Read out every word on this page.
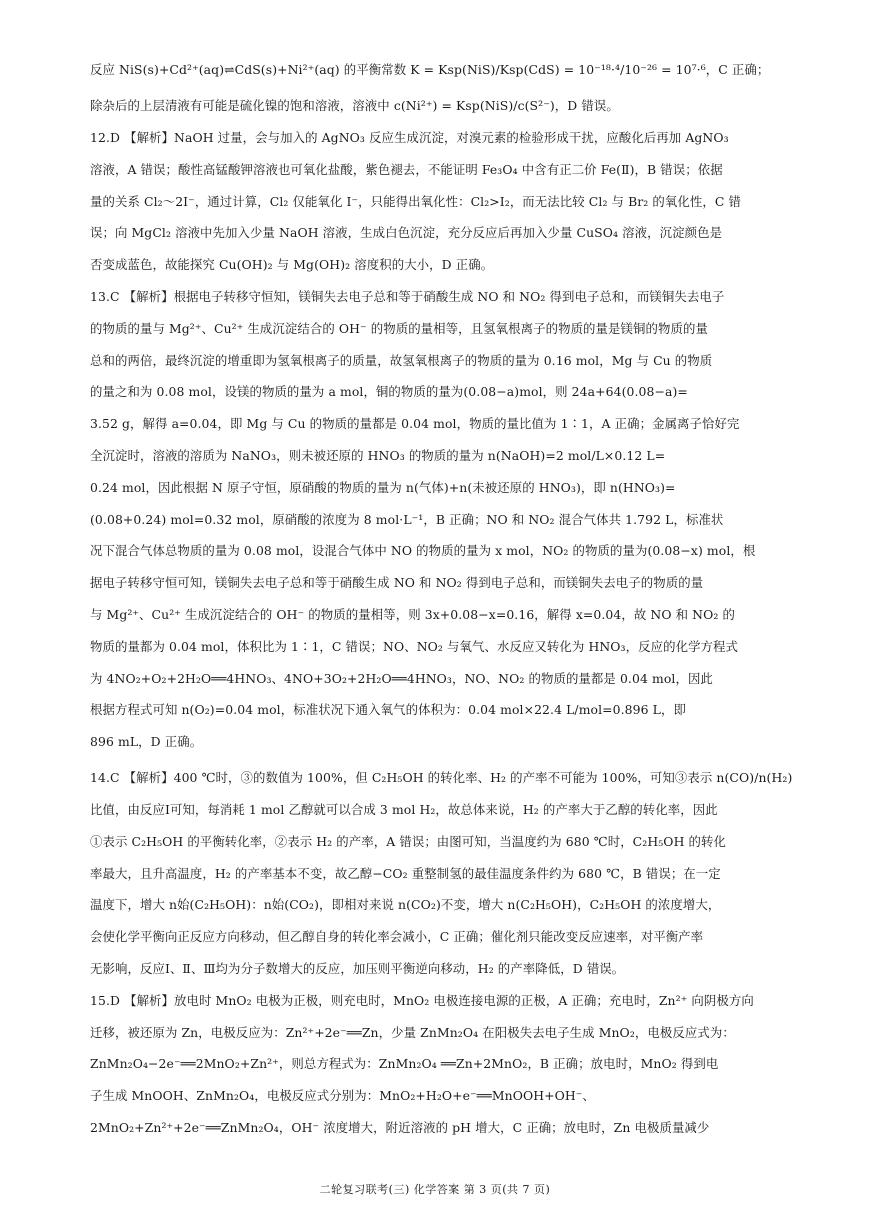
反应 NiS(s)+Cd²⁺(aq)⇌CdS(s)+Ni²⁺(aq) 的平衡常数 K = Ksp(NiS)/Ksp(CdS) = 10⁻¹⁸·⁴/10⁻²⁶ = 10⁷·⁶，C 正确；
除杂后的上层清液有可能是硫化镍的饱和溶液，溶液中 c(Ni²⁺) = Ksp(NiS)/c(S²⁻)，D 错误。
12.D 【解析】NaOH 过量，会与加入的 AgNO₃ 反应生成沉淀，对溴元素的检验形成干扰，应酸化后再加 AgNO₃
溶液，A 错误；酸性高锰酸钾溶液也可氧化盐酸，紫色褪去，不能证明 Fe₃O₄ 中含有正二价 Fe(Ⅱ)，B 错误；依据
量的关系 Cl₂～2I⁻，通过计算，Cl₂ 仅能氧化 I⁻，只能得出氧化性：Cl₂>I₂，而无法比较 Cl₂ 与 Br₂ 的氧化性，C 错
误；向 MgCl₂ 溶液中先加入少量 NaOH 溶液，生成白色沉淀，充分反应后再加入少量 CuSO₄ 溶液，沉淀颜色是
否变成蓝色，故能探究 Cu(OH)₂ 与 Mg(OH)₂ 溶度积的大小，D 正确。
13.C 【解析】根据电子转移守恒知，镁铜失去电子总和等于硝酸生成 NO 和 NO₂ 得到电子总和，而镁铜失去电子
的物质的量与 Mg²⁺、Cu²⁺ 生成沉淀结合的 OH⁻ 的物质的量相等，且氢氧根离子的物质的量是镁铜的物质的量
总和的两倍，最终沉淀的增重即为氢氧根离子的质量，故氢氧根离子的物质的量为 0.16 mol，Mg 与 Cu 的物质
的量之和为 0.08 mol，设镁的物质的量为 a mol，铜的物质的量为(0.08−a)mol，则 24a+64(0.08−a)=
3.52 g，解得 a=0.04，即 Mg 与 Cu 的物质的量都是 0.04 mol，物质的量比值为 1∶1，A 正确；金属离子恰好完
全沉淀时，溶液的溶质为 NaNO₃，则未被还原的 HNO₃ 的物质的量为 n(NaOH)=2 mol/L×0.12 L=
0.24 mol，因此根据 N 原子守恒，原硝酸的物质的量为 n(气体)+n(未被还原的 HNO₃)，即 n(HNO₃)=
(0.08+0.24) mol=0.32 mol，原硝酸的浓度为 8 mol·L⁻¹，B 正确；NO 和 NO₂ 混合气体共 1.792 L，标准状
况下混合气体总物质的量为 0.08 mol，设混合气体中 NO 的物质的量为 x mol，NO₂ 的物质的量为(0.08−x) mol，根
据电子转移守恒可知，镁铜失去电子总和等于硝酸生成 NO 和 NO₂ 得到电子总和，而镁铜失去电子的物质的量
与 Mg²⁺、Cu²⁺ 生成沉淀结合的 OH⁻ 的物质的量相等，则 3x+0.08−x=0.16，解得 x=0.04，故 NO 和 NO₂ 的
物质的量都为 0.04 mol，体积比为 1∶1，C 错误；NO、NO₂ 与氧气、水反应又转化为 HNO₃，反应的化学方程式
为 4NO₂+O₂+2H₂O══4HNO₃、4NO+3O₂+2H₂O══4HNO₃，NO、NO₂ 的物质的量都是 0.04 mol，因此
根据方程式可知 n(O₂)=0.04 mol，标准状况下通入氧气的体积为：0.04 mol×22.4 L/mol=0.896 L，即
896 mL，D 正确。
14.C 【解析】400 ℃时，③的数值为 100%，但 C₂H₅OH 的转化率、H₂ 的产率不可能为 100%，可知③表示 n(CO)/n(H₂)
比值，由反应Ⅰ可知，每消耗 1 mol 乙醇就可以合成 3 mol H₂，故总体来说，H₂ 的产率大于乙醇的转化率，因此
①表示 C₂H₅OH 的平衡转化率，②表示 H₂ 的产率，A 错误；由图可知，当温度约为 680 ℃时，C₂H₅OH 的转化
率最大，且升高温度，H₂ 的产率基本不变，故乙醇−CO₂ 重整制氢的最佳温度条件约为 680 ℃，B 错误；在一定
温度下，增大 n始(C₂H₅OH)：n始(CO₂)，即相对来说 n(CO₂)不变，增大 n(C₂H₅OH)，C₂H₅OH 的浓度增大，
会使化学平衡向正反应方向移动，但乙醇自身的转化率会减小，C 正确；催化剂只能改变反应速率，对平衡产率
无影响，反应Ⅰ、Ⅱ、Ⅲ均为分子数增大的反应，加压则平衡逆向移动，H₂ 的产率降低，D 错误。
15.D 【解析】放电时 MnO₂ 电极为正极，则充电时，MnO₂ 电极连接电源的正极，A 正确；充电时，Zn²⁺ 向阴极方向
迁移，被还原为 Zn，电极反应为：Zn²⁺+2e⁻══Zn，少量 ZnMn₂O₄ 在阳极失去电子生成 MnO₂，电极反应式为：
ZnMn₂O₄−2e⁻══2MnO₂+Zn²⁺，则总方程式为：ZnMn₂O₄ ══Zn+2MnO₂，B 正确；放电时，MnO₂ 得到电
子生成 MnOOH、ZnMn₂O₄，电极反应式分别为：MnO₂+H₂O+e⁻══MnOOH+OH⁻、
2MnO₂+Zn²⁺+2e⁻══ZnMn₂O₄，OH⁻ 浓度增大，附近溶液的 pH 增大，C 正确；放电时，Zn 电极质量减少
二轮复习联考(三) 化学答案 第 3 页(共 7 页)
